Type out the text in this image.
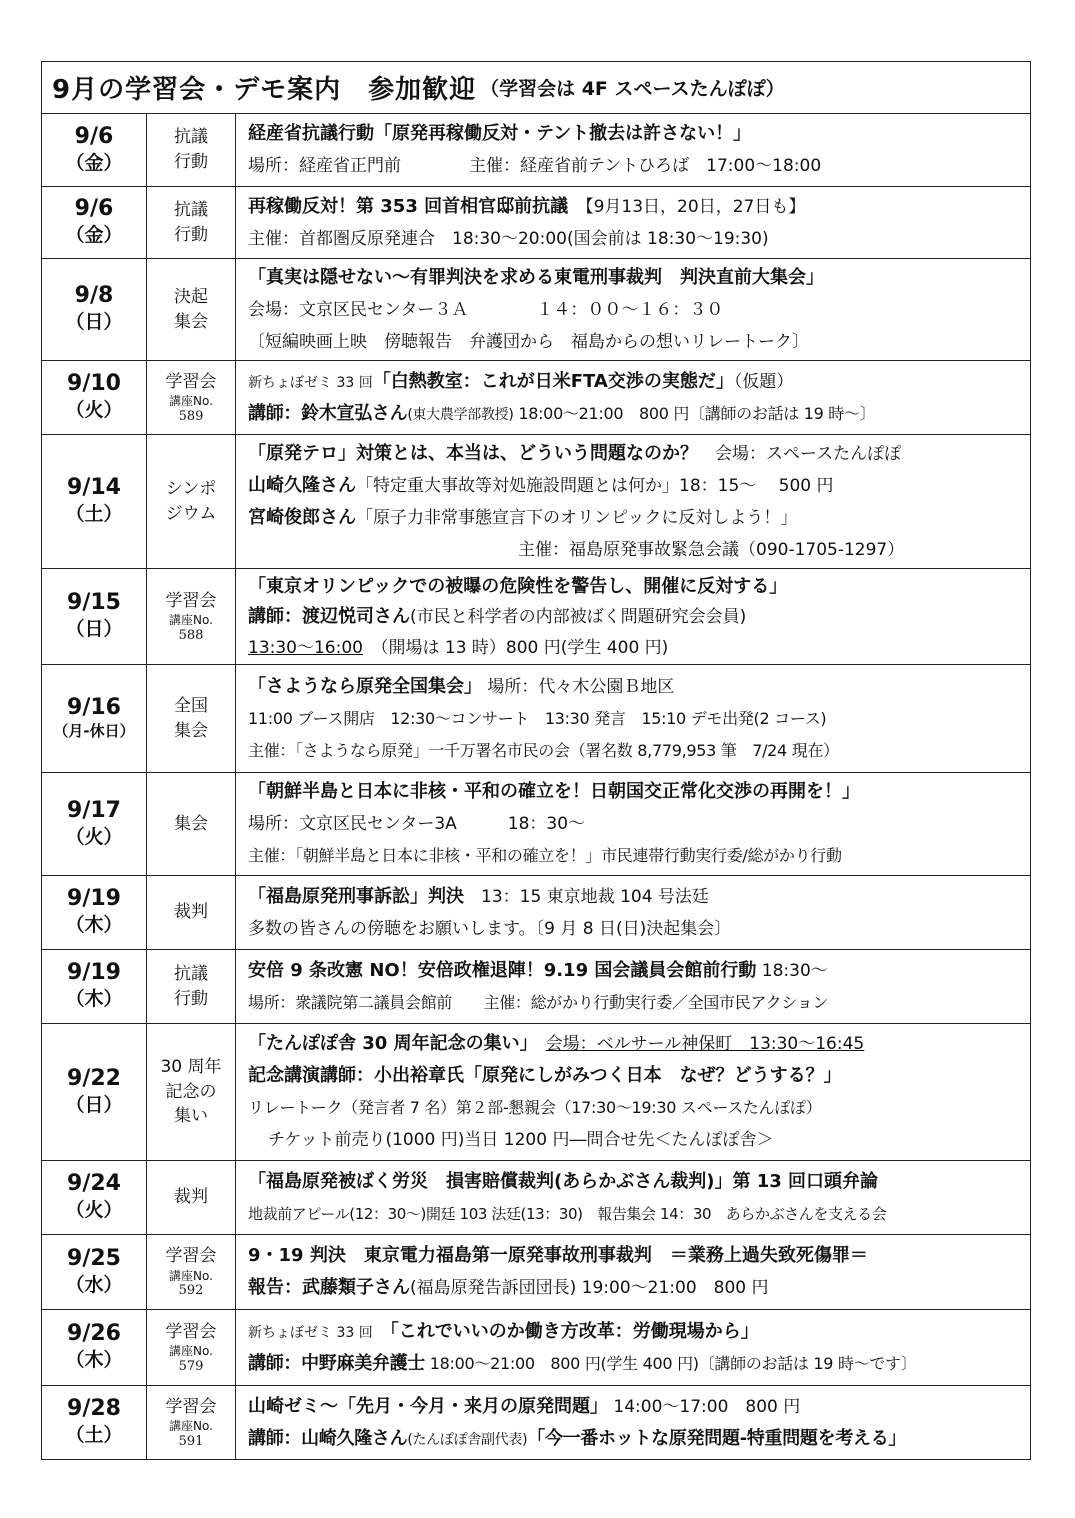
9月の学習会・デモ案内　参加歓迎 （学習会は 4F スペースたんぽぽ）
9/6
（金）
抗議
行動
経産省抗議行動「原発再稼働反対・テント撤去は許さない！」
場所：経産省正門前　　　　主催：経産省前テントひろば　17:00～18:00
9/6
（金）
抗議
行動
再稼働反対！第 353 回首相官邸前抗議　【9月13日，20日，27日も】
主催：首都圏反原発連合　18:30～20:00(国会前は 18:30～19:30)
9/8
（日）
決起
集会
「真実は隠せない～有罪判決を求める東電刑事裁判　判決直前大集会」
会場：文京区民センター３Ａ　　　　１４：００～１６：３０
〔短編映画上映　傍聴報告　弁護団から　福島からの想いリレートーク〕
9/10
（火）
学習会
講座No.
589
新ちょぼゼミ 33 回「白熱教室：これが日米FTA交渉の実態だ」（仮題）
講師：鈴木宣弘さん(東大農学部教授) 18:00～21:00　800 円〔講師のお話は 19 時～〕
9/14
（土）
シンポ
ジウム
「原発テロ」対策とは、本当は、どういう問題なのか？　会場：スペースたんぽぽ
山崎久隆さん「特定重大事故等対処施設問題とは何か」18：15～　 500 円
宮崎俊郎さん「原子力非常事態宣言下のオリンピックに反対しよう！」
主催：福島原発事故緊急会議（090-1705-1297）
9/15
（日）
学習会
講座No.
588
「東京オリンピックでの被曝の危険性を警告し、開催に反対する」
講師：渡辺悦司さん(市民と科学者の内部被ばく問題研究会会員)
13:30～16:00　（開場は 13 時）800 円(学生 400 円)
9/16
（月-休日）
全国
集会
「さようなら原発全国集会」 場所：代々木公園Ｂ地区
11:00 ブース開店　12:30～コンサート　13:30 発言　15:10 デモ出発(2 コース)
主催：「さようなら原発」一千万署名市民の会（署名数 8,779,953 筆　7/24 現在）
9/17
（火）
集会
「朝鮮半島と日本に非核・平和の確立を！日朝国交正常化交渉の再開を！」
場所：文京区民センター3A　　　18：30～
主催：「朝鮮半島と日本に非核・平和の確立を！」市民連帯行動実行委/総がかり行動
9/19
（木）
裁判
「福島原発刑事訴訟」判決　13：15 東京地裁 104 号法廷
多数の皆さんの傍聴をお願いします。〔9 月 8 日(日)決起集会〕
9/19
（木）
抗議
行動
安倍 9 条改憲 NO！安倍政権退陣！9.19 国会議員会館前行動 18:30～
場所：衆議院第二議員会館前　　主催：総がかり行動実行委／全国市民アクション
9/22
（日）
30 周年
記念の
集い
「たんぽぽ舎 30 周年記念の集い」　 会場：ベルサール神保町　13:30～16:45
記念講演講師：小出裕章氏「原発にしがみつく日本　なぜ？どうする？」
リレートーク（発言者 7 名）第２部-懇親会（17:30～19:30 スペースたんぽぽ）
チケット前売り(1000 円)当日 1200 円―問合せ先＜たんぽぽ舎＞
9/24
（火）
裁判
「福島原発被ばく労災　損害賠償裁判(あらかぶさん裁判)」第 13 回口頭弁論
地裁前アピール(12：30～)開廷 103 法廷(13：30)　報告集会 14：30　あらかぶさんを支える会
9/25
（水）
学習会
講座No.
592
9・19 判決　東京電力福島第一原発事故刑事裁判　＝業務上過失致死傷罪＝
報告：武藤類子さん(福島原発告訴団団長) 19:00～21:00　800 円
9/26
（木）
学習会
講座No.
579
新ちょぼゼミ 33 回　 「これでいいのか働き方改革：労働現場から」
講師：中野麻美弁護士 18:00～21:00　800 円(学生 400 円)〔講師のお話は 19 時～です〕
9/28
（土）
学習会
講座No.
591
山崎ゼミ～「先月・今月・来月の原発問題」 14:00～17:00　800 円
講師：山崎久隆さん(たんぽぽ舎副代表)「今一番ホットな原発問題-特重問題を考える」
